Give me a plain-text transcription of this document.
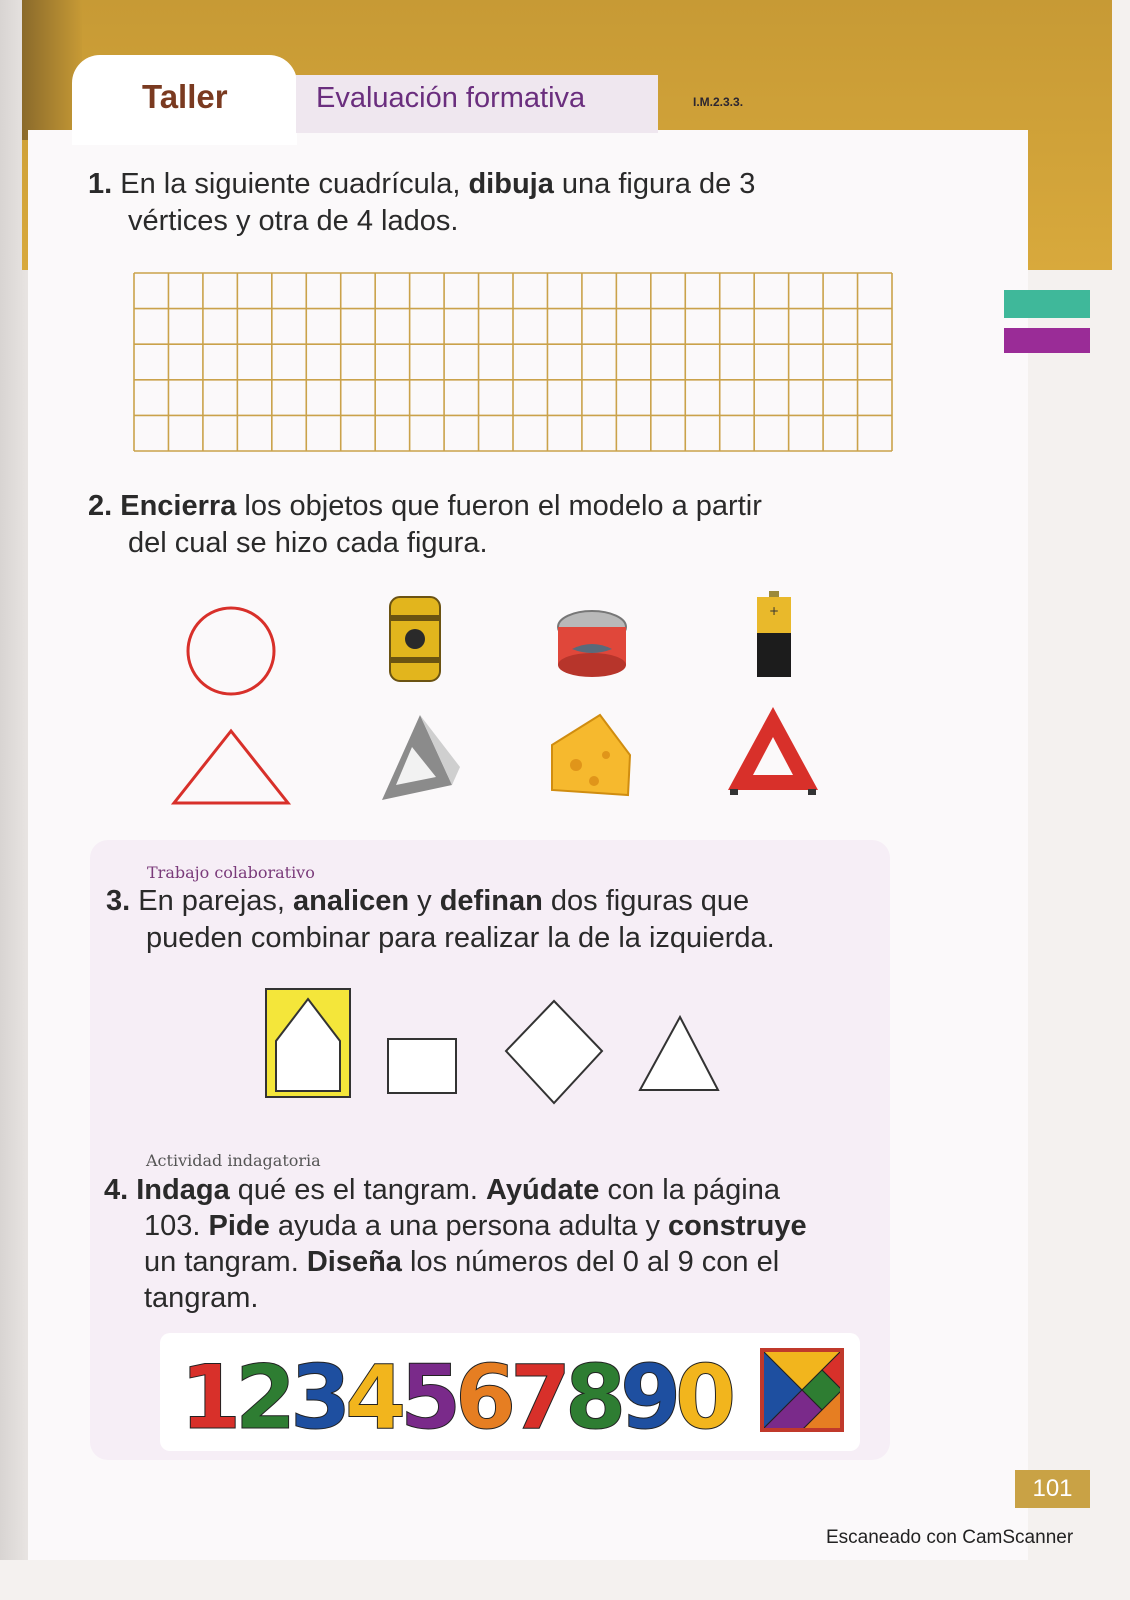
Taller	Evaluación formativa	I.M.2.3.3.
1. En la siguiente cuadrícula, dibuja una figura de 3
vértices y otra de 4 lados.
2. Encierra los objetos que fueron el modelo a partir
del cual se hizo cada figura.
+
Trabajo colaborativo
3. En parejas, analicen y definan dos figuras que
pueden combinar para realizar la de la izquierda.
Actividad indagatoria
4. Indaga qué es el tangram. Ayúdate con la página
103. Pide ayuda a una persona adulta y construye
un tangram. Diseña los números del 0 al 9 con el
tangram.
1
2
3
4
5
6
7
8
9
0
101
Escaneado con CamScanner
